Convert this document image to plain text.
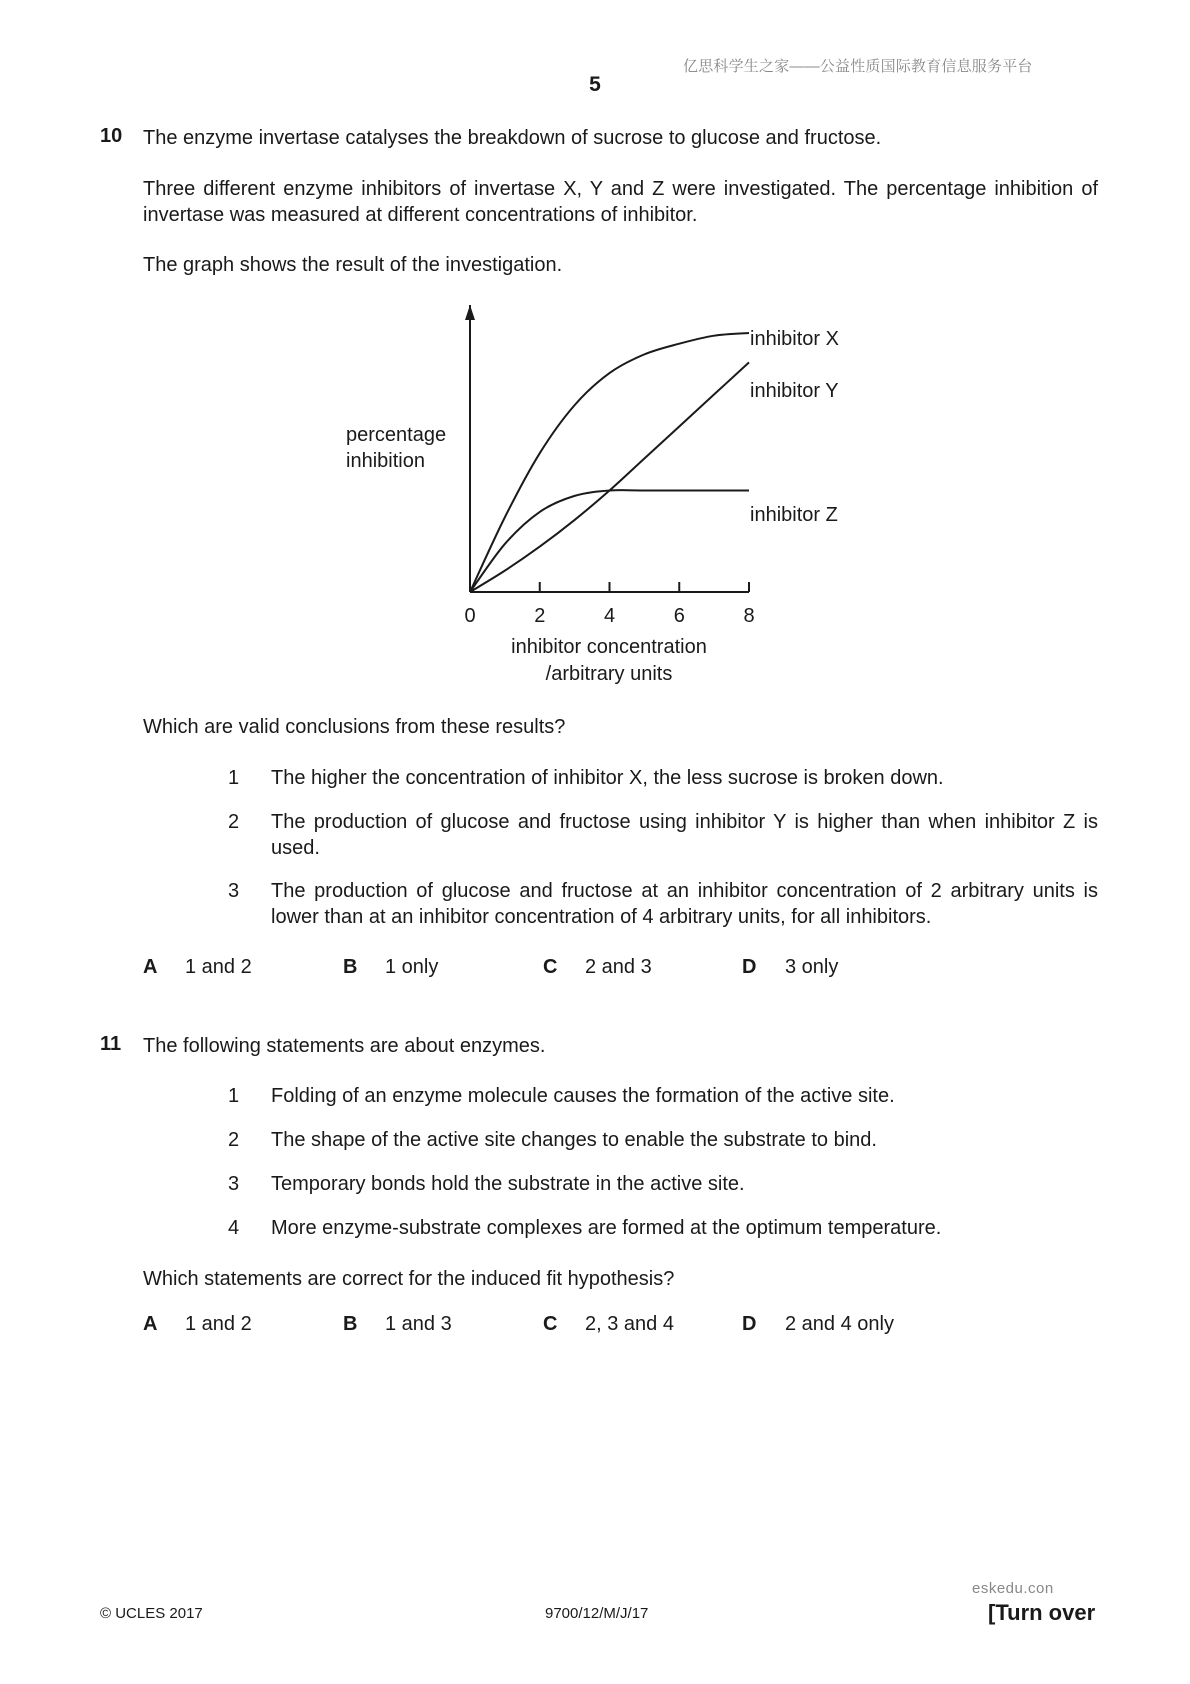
亿思科学生之家——公益性质国际教育信息服务平台
5
10 The enzyme invertase catalyses the breakdown of sucrose to glucose and fructose.
Three different enzyme inhibitors of invertase X, Y and Z were investigated. The percentage inhibition of invertase was measured at different concentrations of inhibitor.
The graph shows the result of the investigation.
0	2	4	6	8
inhibitor X
inhibitor Y
inhibitor Z
percentage
inhibition
inhibitor concentration
/arbitrary units
Which are valid conclusions from these results?
1	The higher the concentration of inhibitor X, the less sucrose is broken down.
2	The production of glucose and fructose using inhibitor Y is higher than when inhibitor Z is used.
3	The production of glucose and fructose at an inhibitor concentration of 2 arbitrary units is lower than at an inhibitor concentration of 4 arbitrary units, for all inhibitors.
A 1 and 2	B 1 only	C 2 and 3	D 3 only
11 The following statements are about enzymes.
1	Folding of an enzyme molecule causes the formation of the active site.
2	The shape of the active site changes to enable the substrate to bind.
3	Temporary bonds hold the substrate in the active site.
4	More enzyme-substrate complexes are formed at the optimum temperature.
Which statements are correct for the induced fit hypothesis?
A 1 and 2	B 1 and 3	C 2, 3 and 4	D 2 and 4 only
eskedu.con
© UCLES 2017	9700/12/M/J/17	[Turn over
